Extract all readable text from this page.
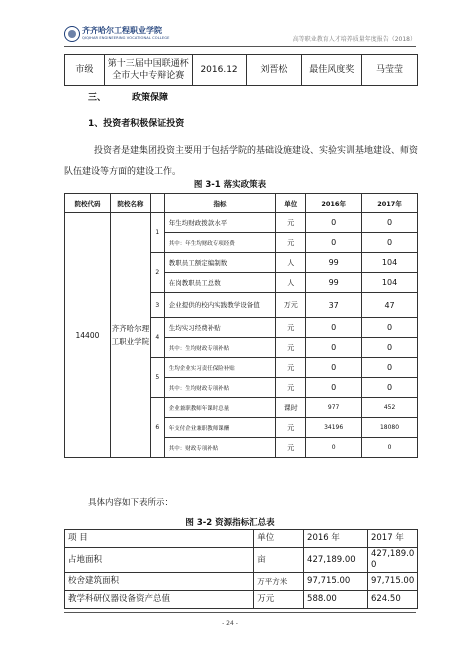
齐齐哈尔工程职业学院
QIQIHAR ENGINEERING VOCATIONAL COLLEGE	高等职业教育人才培养质量年度报告（2018）
市级	第十三届中国联通杯全市大中专辩论赛	2016.12	刘晋松	最佳风度奖	马莹莹
三、	政策保障
1、投资者积极保证投资
投资者是建集团投资主要用于包括学院的基础设施建设、实验实训基地建设、师资队伍建设等方面的建设工作。
图 3-1 落实政策表
院校代码	院校名称		指标	单位	2016年	2017年
14400	齐齐哈尔理工职业学院	1	年生均财政拨款水平	元	0	0
			其中：年生均财政专项经费	元	0	0
		2	教职员工额定编制数	人	99	104
			在岗教职员工总数	人	99	104
		3	企业提供的校内实践教学设备值	万元	37	47
		4	生均实习经费补贴	元	0	0
			其中：生均财政专项补贴	元	0	0
		5	生均企业实习责任保险补贴	元	0	0
			其中：生均财政专项补贴	元	0	0
		6	企业兼职教师年课时总量	课时	977	452
			年支付企业兼职教师课酬	元	34196	18080
			其中：财政专项补贴	元	0	0
具体内容如下表所示：
图 3-2 资源指标汇总表
项 目	单位	2016 年	2017 年
占地面积	亩	427,189.00	427,189.00
校舍建筑面积	万平方米	97,715.00	97,715.00
教学科研仪器设备资产总值	万元	588.00	624.50
- 24 -
